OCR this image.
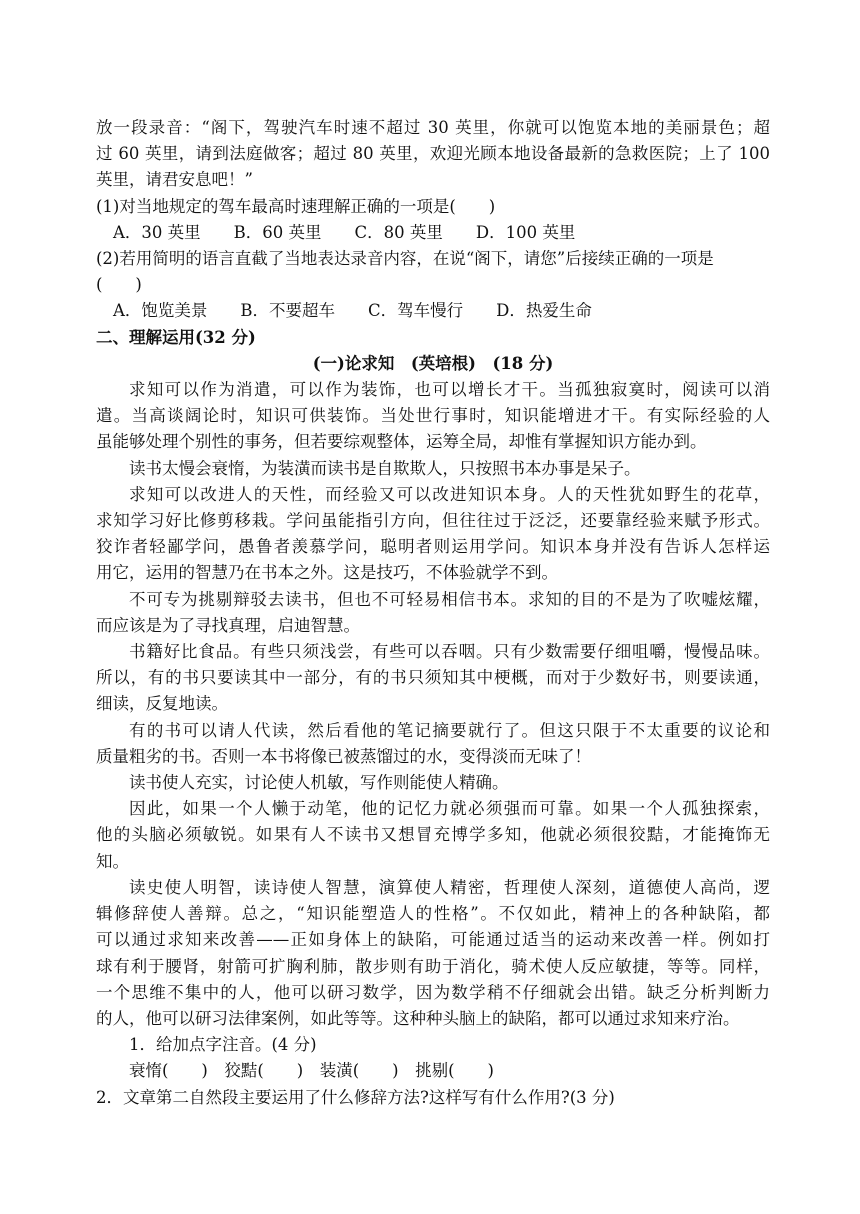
放一段录音：“阁下，驾驶汽车时速不超过 30 英里，你就可以饱览本地的美丽景色；超
过 60 英里，请到法庭做客；超过 80 英里，欢迎光顾本地设备最新的急救医院；上了 100
英里，请君安息吧！”
(1)对当地规定的驾车最高时速理解正确的一项是(　　)
A．30 英里　　B．60 英里　　C．80 英里　　D．100 英里
(2)若用简明的语言直截了当地表达录音内容，在说“阁下，请您”后接续正确的一项是
(　　)
A．饱览美景　　B．不要超车　　C．驾车慢行　　D．热爱生命
二、理解运用(32 分)
(一)论求知　(英培根)　(18 分)
求知可以作为消遣，可以作为装饰，也可以增长才干。当孤独寂寞时，阅读可以消
遣。当高谈阔论时，知识可供装饰。当处世行事时，知识能增进才干。有实际经验的人
虽能够处理个别性的事务，但若要综观整体，运筹全局，却惟有掌握知识方能办到。
读书太慢会衰惰，为装潢而读书是自欺欺人，只按照书本办事是呆子。
求知可以改进人的天性，而经验又可以改进知识本身。人的天性犹如野生的花草，
求知学习好比修剪移栽。学问虽能指引方向，但往往过于泛泛，还要靠经验来赋予形式。
狡诈者轻鄙学问，愚鲁者羡慕学问，聪明者则运用学问。知识本身并没有告诉人怎样运
用它，运用的智慧乃在书本之外。这是技巧，不体验就学不到。
不可专为挑剔辩驳去读书，但也不可轻易相信书本。求知的目的不是为了吹嘘炫耀，
而应该是为了寻找真理，启迪智慧。
书籍好比食品。有些只须浅尝，有些可以吞咽。只有少数需要仔细咀嚼，慢慢品味。
所以，有的书只要读其中一部分，有的书只须知其中梗概，而对于少数好书，则要读通，
细读，反复地读。
有的书可以请人代读，然后看他的笔记摘要就行了。但这只限于不太重要的议论和
质量粗劣的书。否则一本书将像已被蒸馏过的水，变得淡而无味了！
读书使人充实，讨论使人机敏，写作则能使人精确。
因此，如果一个人懒于动笔，他的记忆力就必须强而可靠。如果一个人孤独探索，
他的头脑必须敏锐。如果有人不读书又想冒充博学多知，他就必须很狡黠，才能掩饰无
知。
读史使人明智，读诗使人智慧，演算使人精密，哲理使人深刻，道德使人高尚，逻
辑修辞使人善辩。总之，“知识能塑造人的性格”。不仅如此，精神上的各种缺陷，都
可以通过求知来改善——正如身体上的缺陷，可能通过适当的运动来改善一样。例如打
球有利于腰肾，射箭可扩胸利肺，散步则有助于消化，骑术使人反应敏捷，等等。同样，
一个思维不集中的人，他可以研习数学，因为数学稍不仔细就会出错。缺乏分析判断力
的人，他可以研习法律案例，如此等等。这种种头脑上的缺陷，都可以通过求知来疗治。
1．给加点字注音。(4 分)
衰惰(　　)　狡黠(　　)　装潢(　　)　挑剔(　　)
2．文章第二自然段主要运用了什么修辞方法?这样写有什么作用?(3 分)
